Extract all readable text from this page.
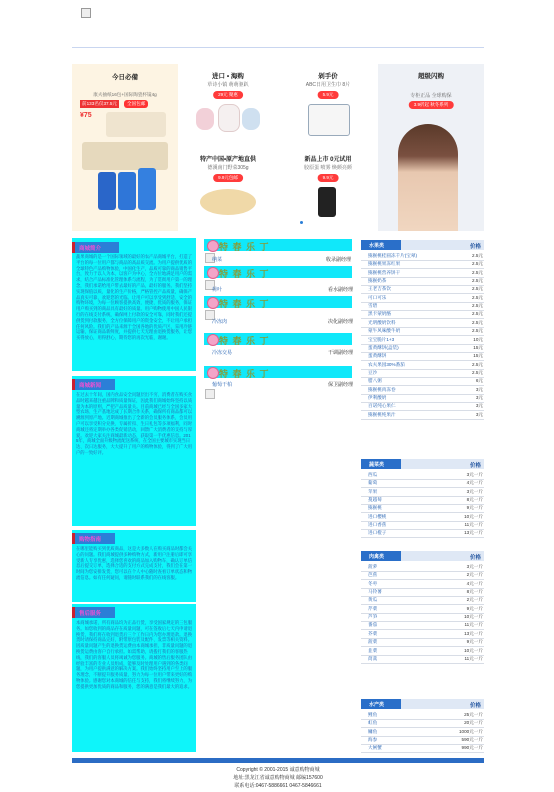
今日必備
康夫抽纸16包+国际陶瓷杯镜4g
前133名仅37.5元	全国包邮
¥75
进口 • 海购
草诗小镇 萌萌驱趴
29元 聚惠
剁手价
ABC日用卫生巾 8片
5.9元
特产中国•原产地直供
德溪南门野菜305g
9.9元包邮
新品上市 0元试用
胶原蛋 喷雾 焕颜亮颜
9.9元
超级闪购
专柜正品 全球购保
3.9折起 秋冬系列
商城简介
蔬果商城的是一个国际领域的最好的农产品商城平台，打造了平台的每一位用户都与商品的高品质交流。为用户提供优质的全球特色产品购物体验，中国化生产，品质可靠的商品销售平台，致力于以人为本，以客户为中心，全方位地满足用户的需求，结合产品标准化管理体系与流程，为了贯彻用户第一的理念，我们承诺给用户带去最好的产品，最好的服务。我们坚持实现保值以质、量化的生产价格，严格管控产品质量，确保产品真实可靠，欢迎您的光临。让用户可以享受到舒适、安全的购物环境，为每一位顾客提供高效、便捷、优质的服务，保证用户购买到的商品具有最好的质量。用户购物使用中国人民银行的在线支付系统，确保网上付款的安全可靠，同时我们还提供货到付款服务，全方位保障用户的资金安全，不让用户承担任何风险。我们的产品来源于全国各地的优质产区，采用冷链运输，保证商品新鲜度，并提供七天无理由退换货服务，让您买得放心，用得舒心，期待您的再次光临，谢谢。
商城新闻
在过去十年间，国内食品安全问题层出不穷，消费者在购买食品时越来越注重品牌和质量保证，因此我们商城始终坚持以质量为本的原则，严把产品质量关。目前商城已经与全国多家大型农场、生产基地达成了长期合作关系，确保所有商品都可以溯源到原产地。近期商城推出了全新的会员服务体系，会员用户可以享受积分兑换、专属折扣、生日礼包等多项福利，同时商城还将定期举办各类促销活动，回馈广大消费者的支持与厚爱。欢迎大家关注商城最新动态，获取第一手优惠信息。2015年，商城全面升级物流配送系统，在全国主要城市实现当日达、次日达服务，大大提升了用户的购物体验，得到了广大用户的一致好评。
购物指南
在哪里能购买到优质商品，这是大多数人在购买商品时都会关心的问题。我们商城提供多种购物方式，新用户注册后即可享受新人专享优惠，选择您喜欢的商品加入购物车，确认订单信息后提交订单，选择合适的支付方式完成支付，我们会在第一时间为您安排发货，您可以在个人中心随时查看订单状态和物流信息。如有任何疑问，请随时联系我们的在线客服。
售后服务
本商城承诺，所有商品均为正品行货，享受国家规定的三包服务。如您收到的商品存在质量问题，可在签收后七天内申请退换货，我们将在收到退货后三个工作日内为您办理退款。退换货时请保持商品完好，附带原包装及配件、发票等相关资料。因质量问题产生的退换货运费由本商城承担，非质量问题的退换货运费由客户自行承担。如需帮助，请拨打我们的客服热线，我们的客服人员将竭诚为您服务。商城的售后服务团队由经验丰富的专业人员组成，能够及时处理用户遇到的各类问题，为用户提供满意的解决方案。我们始终坚持用户至上的服务理念，不断提升服务质量，努力为每一位用户带来更好的购物体验。感谢您对本商城的信任与支持，我们将继续努力，为您提供更加优质的商品和服务，您的满意是我们最大的追求。
特 春 乐 丁
纳菜	收录副经理
特 春 乐 丁
荷叶	看水副经理
特 春 乐 丁
冷冻肉	决化副经理
特 春 乐 丁
冷冻交易	干调副经理
特 春 乐 丁
葡萄干柏	保卫副经理
水果类	价格
猕猴桃桂圆冻千片(宝翠)	2.5元
猕猴桃果冻红果	2.5元
猕猴桃营养饼干	2.5元
猕猴奶茶	2.5元
王老吉茶饮	2.5元
可口可乐	2.5元
雪碧	2.5元
黑卡蒙奶酪	2.5元
光明酸奶饮料	2.5元
蒙牛风味酸牛奶	2.5元
宝宝脆片1+3	10元
蛋黄酥饼(盒装)	15元
蛋黄酥饼	15元
农夫果园30%番茄	2.5元
豆沙	2.5元
腊八粥	6元
猕猴桃肉冻卷	3元
伊利酸奶	3元
百诺纯心果仁	3元
猕猴桃纯果汁	3元
蔬菜类	价格
西瓜	3元一斤
葡萄	4元一斤
苹果	3元一斤
蔓越莓	8元一斤
猕猴桃	9元一斤
进口樱桃	10元一斤
进口香蕉	11元一斤
进口橙子	13元一斤
肉禽类	价格
菠萝	3元一斤
芭蕉	2元一斤
冬枣	4元一斤
马铃薯	8元一斤
黄瓜	2元一斤
芹菜	9元一斤
芦笋	10元一斤
番茄	11元一斤
芥菜	13元一斤
菠菜	9元一斤
韭菜	10元一斤
茼蒿	11元一斤
水产类	价格
鲤鱼	25元一斤
虹鱼	20元一斤
鳙鱼	1000元一斤
海参	590元一斤
大闸蟹	990元一斤
Copyright © 2001-2015 诚意购物商城
地址:黑龙江省诚意购物商城 邮编157600
联系电话:0467-5886661 0467-5846661
